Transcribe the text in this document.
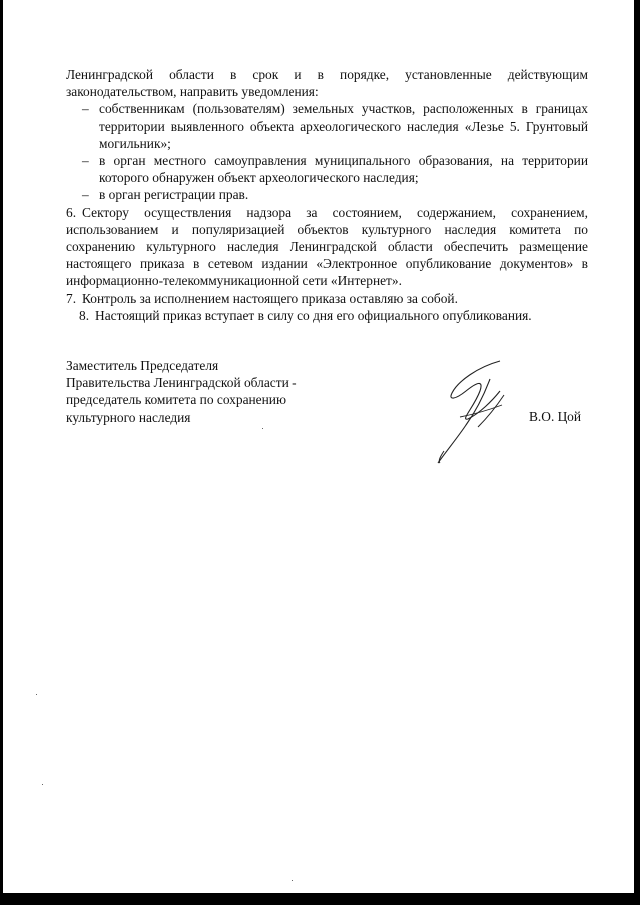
Ленинградской области в срок и в порядке, установленные действующим законодательством, направить уведомления:

– собственникам (пользователям) земельных участков, расположенных в границах территории выявленного объекта археологического наследия «Лезье 5. Грунтовый могильник»;

– в орган местного самоуправления муниципального образования, на территории которого обнаружен объект археологического наследия;

– в орган регистрации прав.

6. Сектору осуществления надзора за состоянием, содержанием, сохранением, использованием и популяризацией объектов культурного наследия комитета по сохранению культурного наследия Ленинградской области обеспечить размещение настоящего приказа в сетевом издании «Электронное опубликование документов» в информационно-телекоммуникационной сети «Интернет».

7. Контроль за исполнением настоящего приказа оставляю за собой.

8. Настоящий приказ вступает в силу со дня его официального опубликования.

Заместитель Председателя
Правительства Ленинградской области -
председатель комитета по сохранению
культурного наследия	В.О. Цой
